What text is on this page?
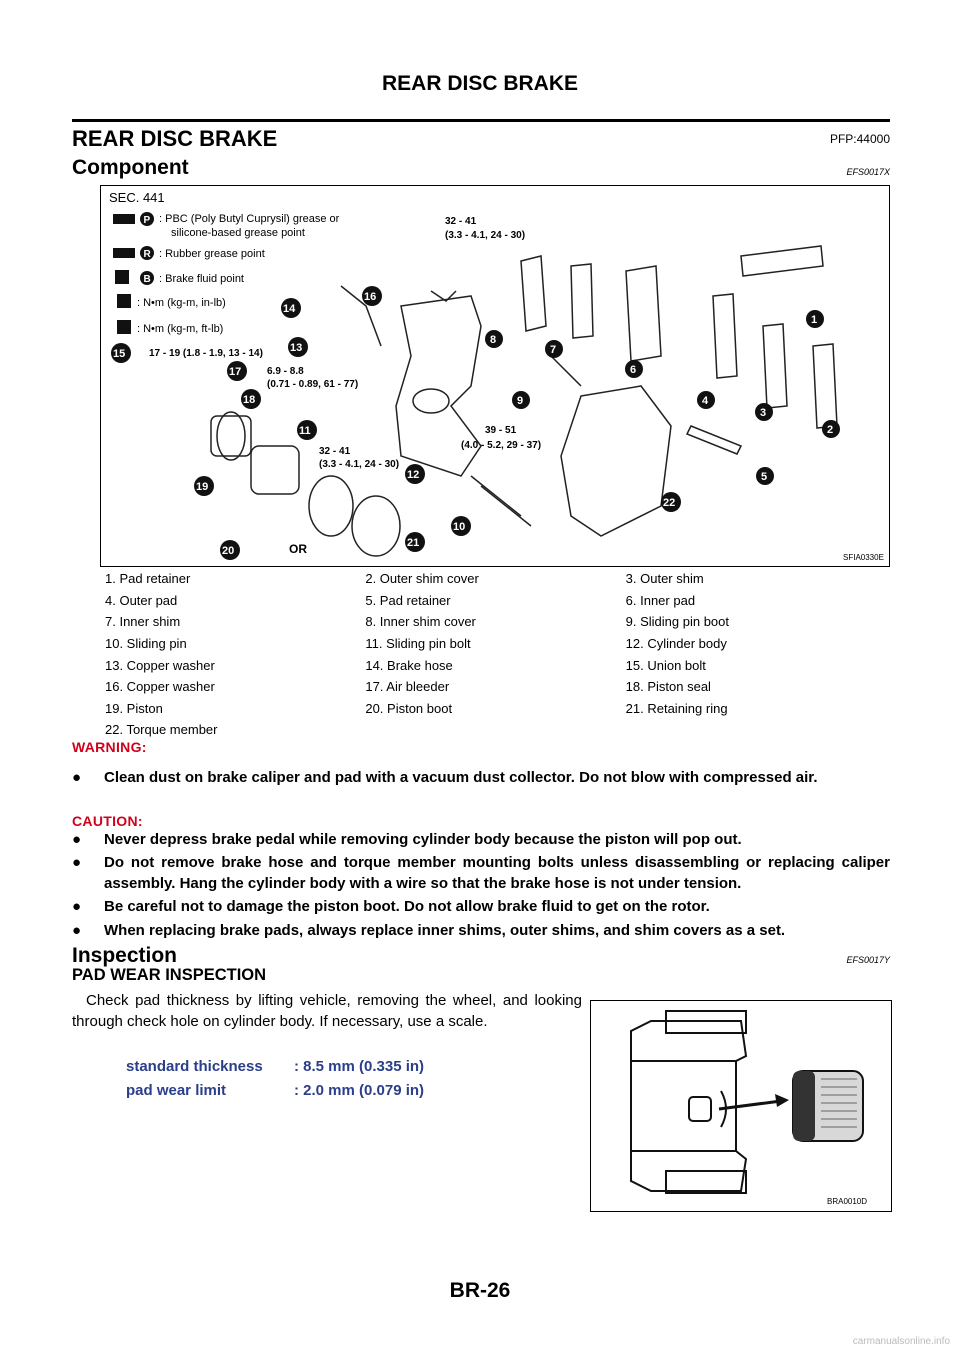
REAR DISC BRAKE
REAR DISC BRAKE	PFP:44000
Component	EFS0017X
SEC. 441
P : PBC (Poly Butyl Cuprysil) grease or
silicone-based grease point
R : Rubber grease point
B : Brake fluid point
: N•m (kg-m, in-lb)
: N•m (kg-m, ft-lb)
17 - 19 (1.8 - 1.9, 13 - 14)
6.9 - 8.8
(0.71 - 0.89, 61 - 77)
32 - 41
(3.3 - 4.1, 24 - 30)
32 - 41
(3.3 - 4.1, 24 - 30)
39 - 51
(4.0 - 5.2, 29 - 37)
OR
SFIA0330E
1
2
3
4
5
6
7
8
9
10
11
12
13
14
15
16
17
18
19
20
21
22
1. Pad retainer	2. Outer shim cover	3. Outer shim
4. Outer pad	5. Pad retainer	6. Inner pad
7. Inner shim	8. Inner shim cover	9. Sliding pin boot
10. Sliding pin	11. Sliding pin bolt	12. Cylinder body
13. Copper washer	14. Brake hose	15. Union bolt
16. Copper washer	17. Air bleeder	18. Piston seal
19. Piston	20. Piston boot	21. Retaining ring
22. Torque member		
WARNING:
● Clean dust on brake caliper and pad with a vacuum dust collector. Do not blow with compressed air.
CAUTION:
● Never depress brake pedal while removing cylinder body because the piston will pop out.
● Do not remove brake hose and torque member mounting bolts unless disassembling or replacing caliper assembly. Hang the cylinder body with a wire so that the brake hose is not under tension.
● Be careful not to damage the piston boot. Do not allow brake fluid to get on the rotor.
● When replacing brake pads, always replace inner shims, outer shims, and shim covers as a set.
Inspection	EFS0017Y
PAD WEAR INSPECTION
Check pad thickness by lifting vehicle, removing the wheel, and looking through check hole on cylinder body. If necessary, use a scale.
standard thickness : 8.5 mm (0.335 in)
pad wear limit	: 2.0 mm (0.079 in)
BRA0010D
BR-26
carmanualsonline.info
